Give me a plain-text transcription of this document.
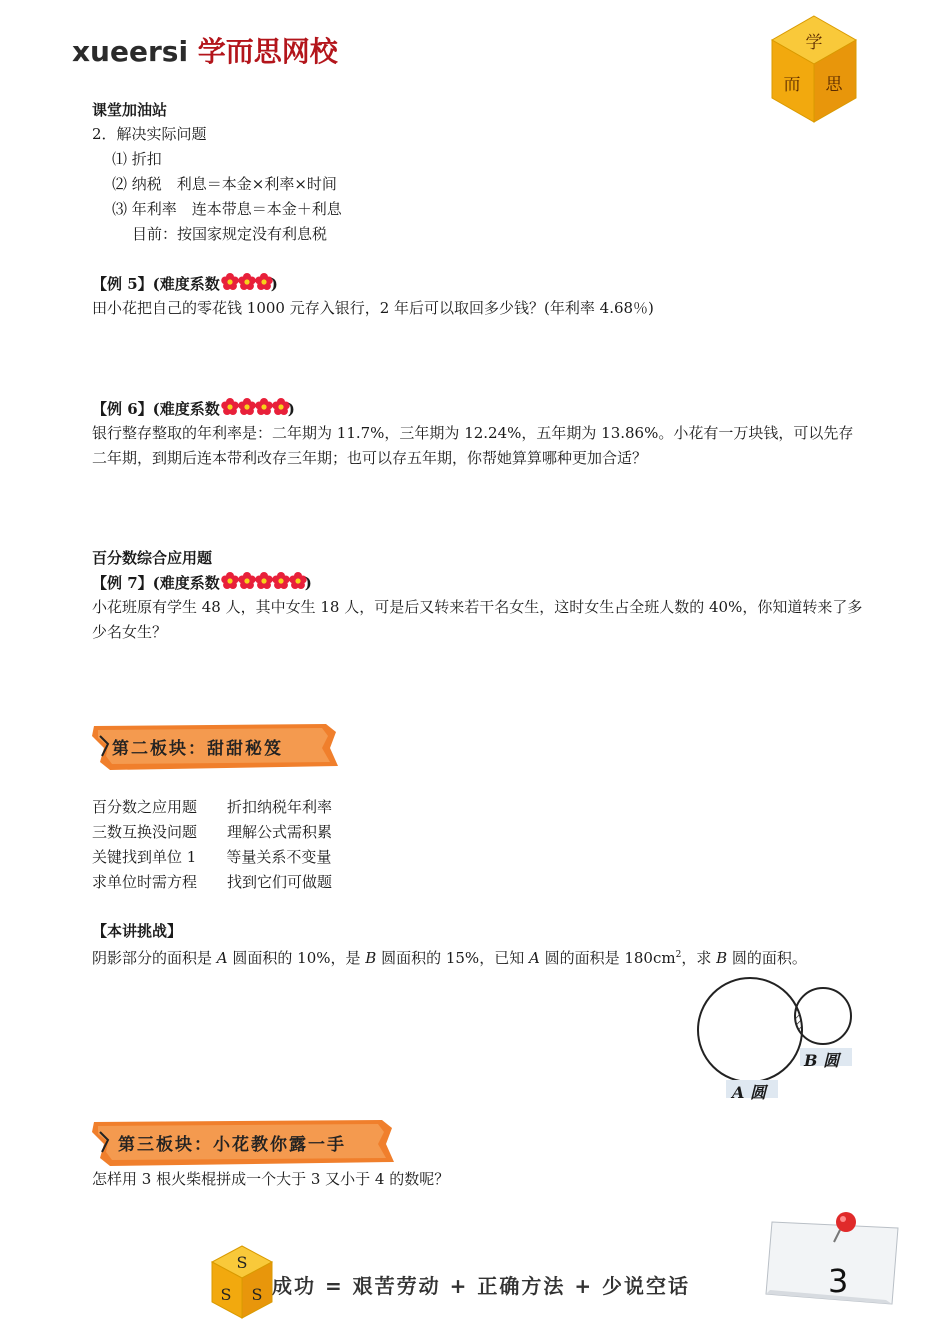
xueersi 学而思网校	学
而 思
课堂加油站
2．解决实际问题
⑴ 折扣
⑵ 纳税　利息＝本金×利率×时间
⑶ 年利率　连本带息＝本金＋利息
目前：按国家规定没有利息税
【例 5】(难度系数	)
田小花把自己的零花钱 1000 元存入银行，2 年后可以取回多少钱？(年利率 4.68％)
【例 6】(难度系数	)
银行整存整取的年利率是：二年期为 11.7%，三年期为 12.24%，五年期为 13.86%。小花有一万块钱，可以先存二年期，到期后连本带利改存三年期；也可以存五年期，你帮她算算哪种更加合适？
百分数综合应用题
【例 7】(难度系数	)
小花班原有学生 48 人，其中女生 18 人，可是后又转来若干名女生，这时女生占全班人数的 40%，你知道转来了多少名女生？
第二板块：甜甜秘笈
百分数之应用题 折扣纳税年利率
三数互换没问题 理解公式需积累
关键找到单位 1 等量关系不变量
求单位时需方程 找到它们可做题
【本讲挑战】
阴影部分的面积是 A 圆面积的 10%，是 B 圆面积的 15%，已知 A 圆的面积是 $180cm^2$，求 B 圆的面积。
B 圆
A 圆
第三板块：小花教你露一手
怎样用 3 根火柴棍拼成一个大于 3 又小于 4 的数呢？
S
S S 成功 = 艰苦劳动 + 正确方法 + 少说空话	3
